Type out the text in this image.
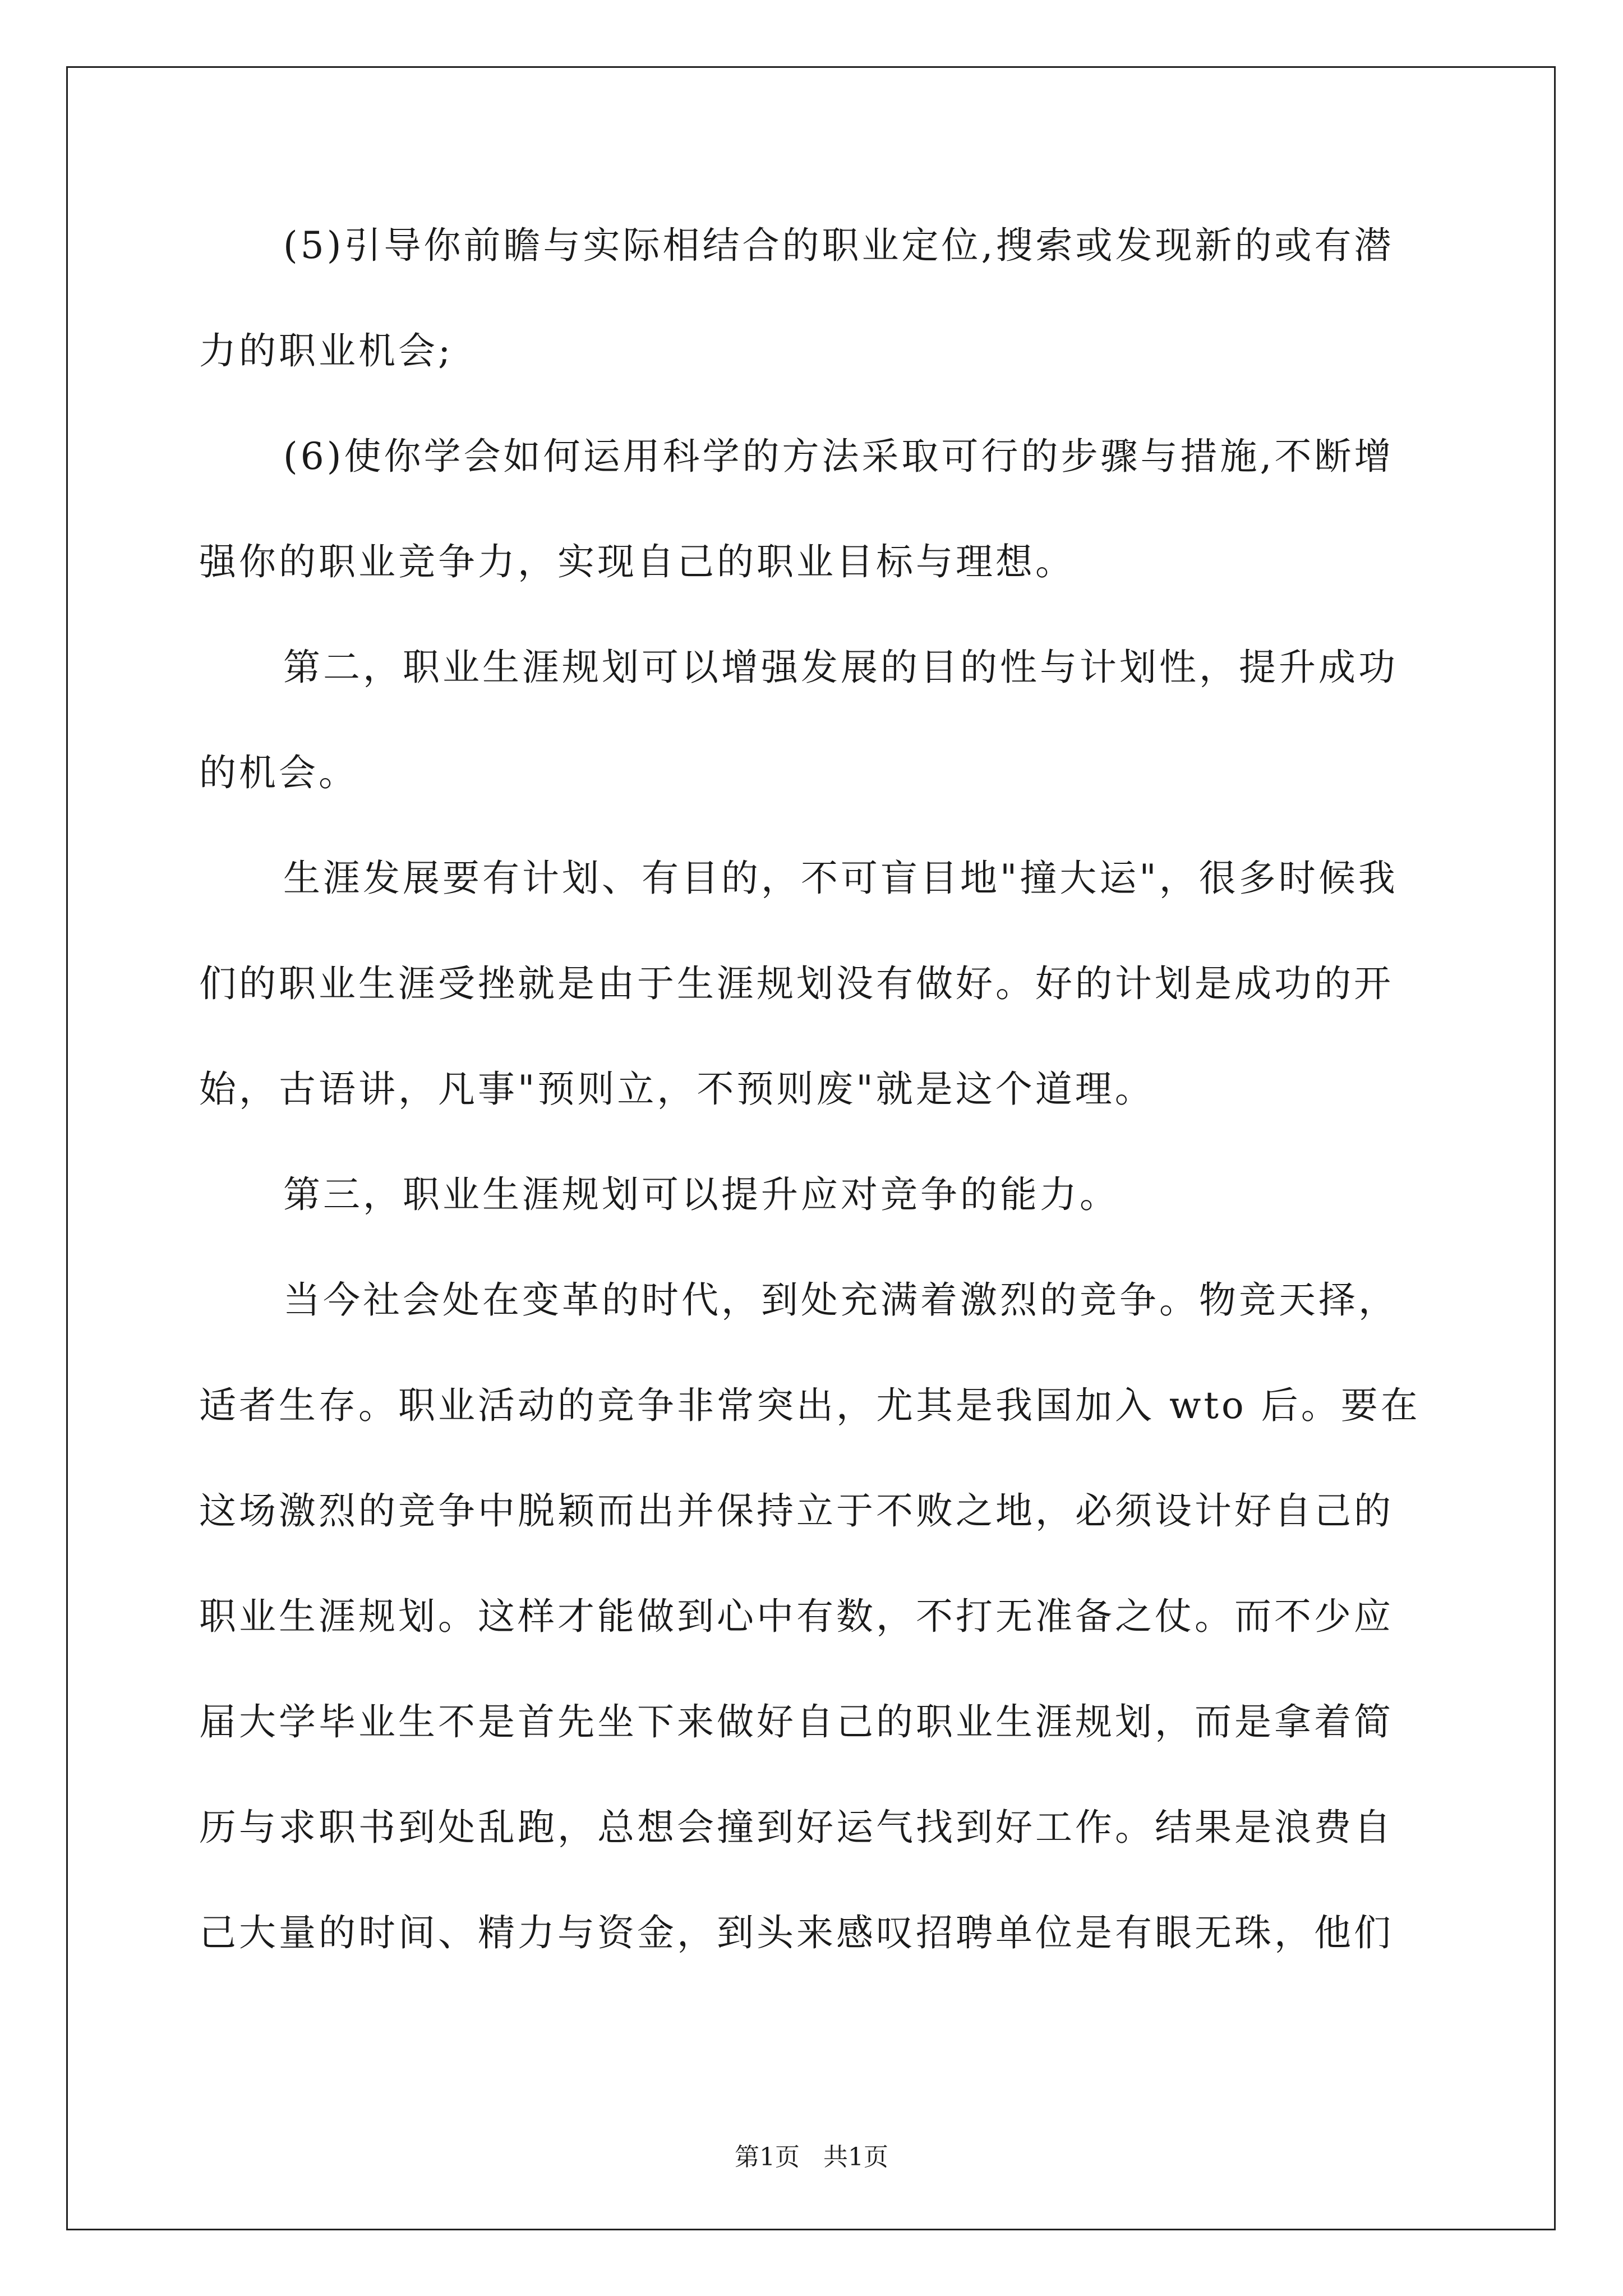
(5)引导你前瞻与实际相结合的职业定位,搜索或发现新的或有潜
力的职业机会;
(6)使你学会如何运用科学的方法采取可行的步骤与措施,不断增
强你的职业竞争力，实现自己的职业目标与理想。
第二，职业生涯规划可以增强发展的目的性与计划性，提升成功
的机会。
生涯发展要有计划、有目的，不可盲目地"撞大运"，很多时候我
们的职业生涯受挫就是由于生涯规划没有做好。好的计划是成功的开
始，古语讲，凡事"预则立，不预则废"就是这个道理。
第三，职业生涯规划可以提升应对竞争的能力。
当今社会处在变革的时代，到处充满着激烈的竞争。物竞天择，
适者生存。职业活动的竞争非常突出，尤其是我国加入 wto 后。要在
这场激烈的竞争中脱颖而出并保持立于不败之地，必须设计好自己的
职业生涯规划。这样才能做到心中有数，不打无准备之仗。而不少应
届大学毕业生不是首先坐下来做好自己的职业生涯规划，而是拿着简
历与求职书到处乱跑，总想会撞到好运气找到好工作。结果是浪费自
己大量的时间、精力与资金，到头来感叹招聘单位是有眼无珠，他们
第1页   共1页
